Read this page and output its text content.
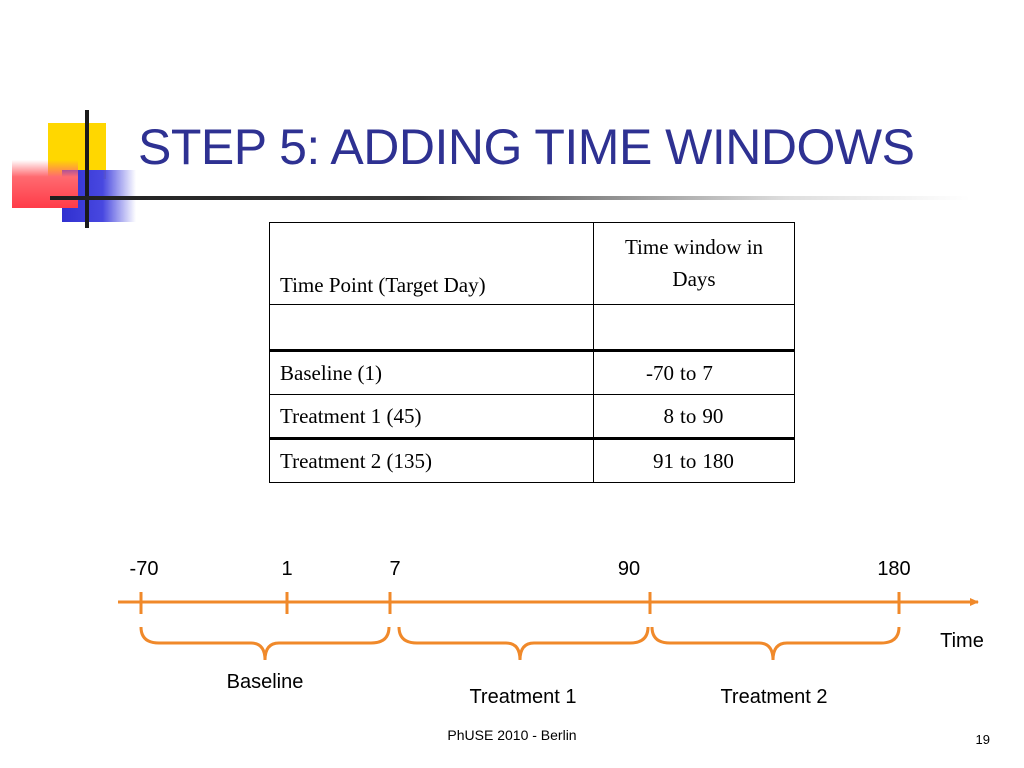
STEP 5: ADDING TIME WINDOWS
Time Point (Target Day)	Time window in Days

Baseline (1)	-70 to 7

Treatment 1 (45)	8 to 90

Treatment 2 (135)	91 to 180
-70	1	7	90	180
Time
Baseline
Treatment 1	Treatment 2
PhUSE 2010 - Berlin	19
